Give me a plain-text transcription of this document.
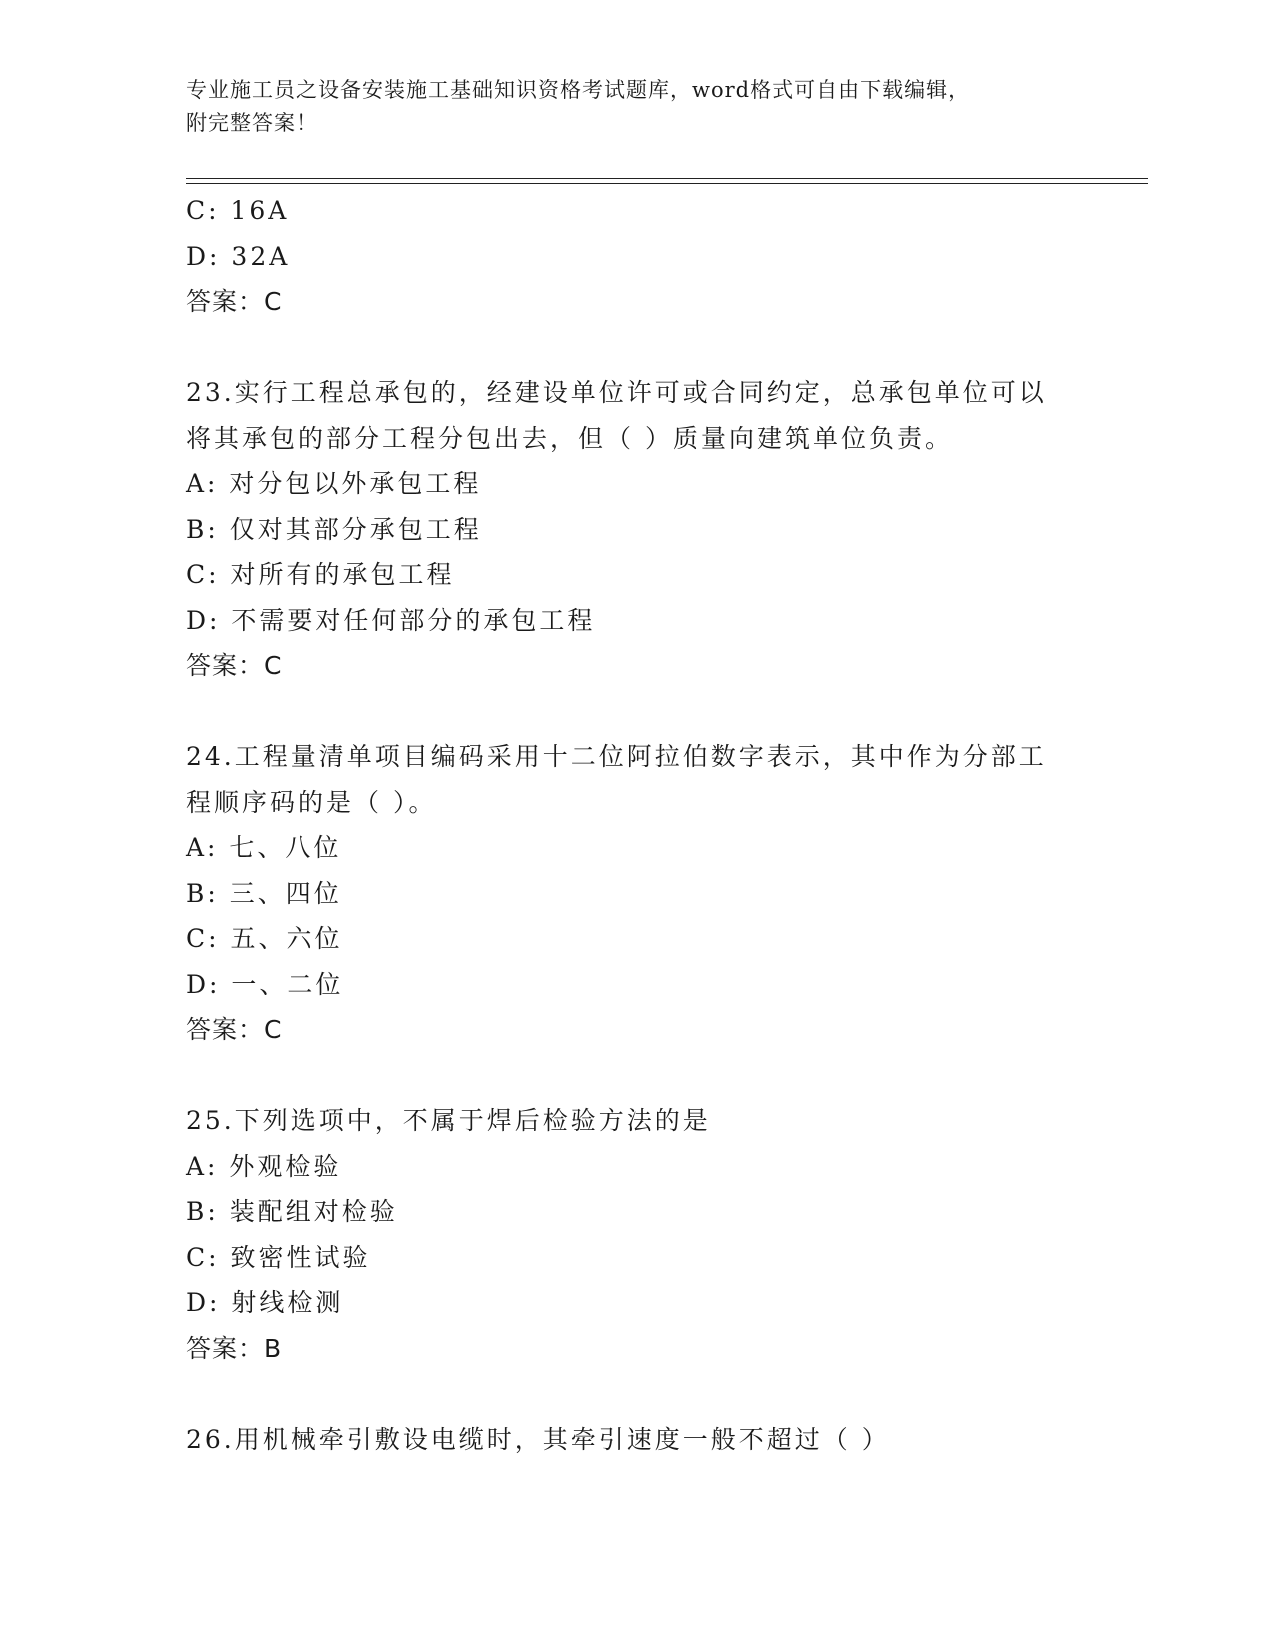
专业施工员之设备安装施工基础知识资格考试题库，word格式可自由下载编辑，
附完整答案！
C: 16A
D: 32A
答案：C
23.实行工程总承包的，经建设单位许可或合同约定，总承包单位可以
将其承包的部分工程分包出去，但（ ）质量向建筑单位负责。
A: 对分包以外承包工程
B: 仅对其部分承包工程
C: 对所有的承包工程
D: 不需要对任何部分的承包工程
答案：C
24.工程量清单项目编码采用十二位阿拉伯数字表示，其中作为分部工
程顺序码的是（ ）。
A: 七、八位
B: 三、四位
C: 五、六位
D: 一、二位
答案：C
25.下列选项中，不属于焊后检验方法的是
A: 外观检验
B: 装配组对检验
C: 致密性试验
D: 射线检测
答案：B
26.用机械牵引敷设电缆时，其牵引速度一般不超过（ ）
